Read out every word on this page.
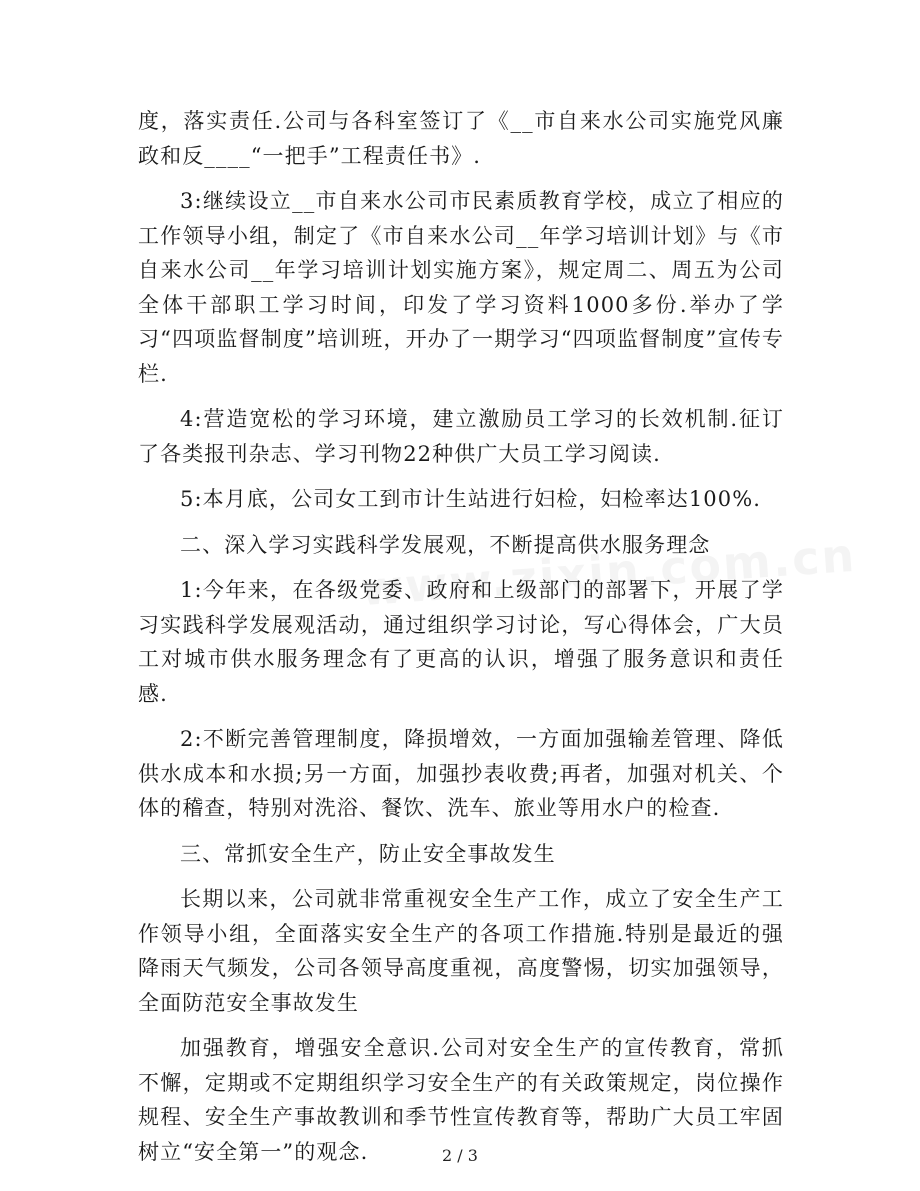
度，落实责任.公司与各科室签订了《__市自来水公司实施党风廉政和反____“一把手”工程责任书》.

3:继续设立__市自来水公司市民素质教育学校，成立了相应的工作领导小组，制定了《市自来水公司__年学习培训计划》与《市自来水公司__年学习培训计划实施方案》，规定周二、周五为公司全体干部职工学习时间，印发了学习资料1000多份.举办了学习“四项监督制度”培训班，开办了一期学习“四项监督制度”宣传专栏.

4:营造宽松的学习环境，建立激励员工学习的长效机制.征订了各类报刊杂志、学习刊物22种供广大员工学习阅读.

5:本月底，公司女工到市计生站进行妇检，妇检率达100%.

二、深入学习实践科学发展观，不断提高供水服务理念

1:今年来，在各级党委、政府和上级部门的部署下，开展了学习实践科学发展观活动，通过组织学习讨论，写心得体会，广大员工对城市供水服务理念有了更高的认识，增强了服务意识和责任感.

2:不断完善管理制度，降损增效，一方面加强输差管理、降低供水成本和水损;另一方面，加强抄表收费;再者，加强对机关、个体的稽查，特别对洗浴、餐饮、洗车、旅业等用水户的检查.

三、常抓安全生产，防止安全事故发生

长期以来，公司就非常重视安全生产工作，成立了安全生产工作领导小组，全面落实安全生产的各项工作措施.特别是最近的强降雨天气频发，公司各领导高度重视，高度警惕，切实加强领导，全面防范安全事故发生

加强教育，增强安全意识.公司对安全生产的宣传教育，常抓不懈，定期或不定期组织学习安全生产的有关政策规定，岗位操作规程、安全生产事故教训和季节性宣传教育等，帮助广大员工牢固树立“安全第一”的观念.	2 / 3
